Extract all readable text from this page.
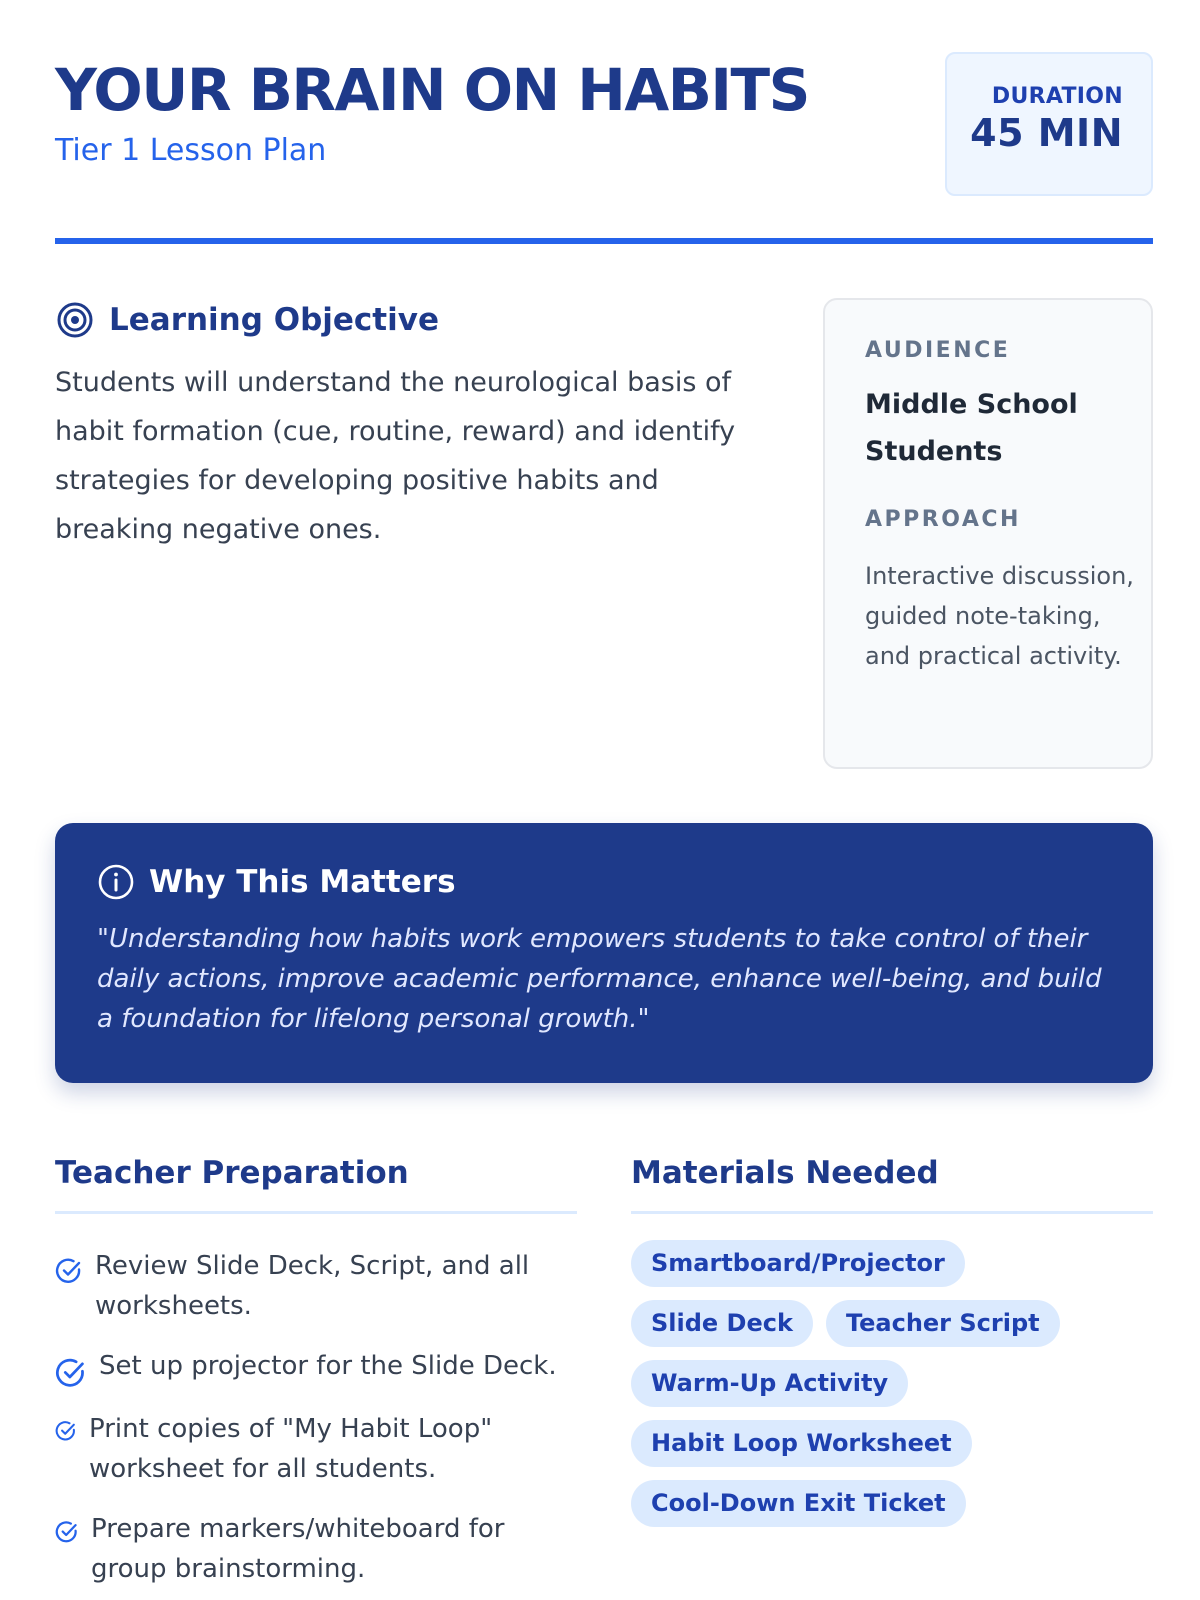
YOUR BRAIN ON HABITS
Tier 1 Lesson Plan
DURATION
45 MIN
Learning Objective

Students will understand the neurological basis of habit formation (cue, routine, reward) and identify strategies for developing positive habits and breaking negative ones.

AUDIENCE
Middle School Students
APPROACH
Interactive discussion, guided note-taking, and practical activity.
Why This Matters

"Understanding how habits work empowers students to take control of their daily actions, improve academic performance, enhance well-being, and build a foundation for lifelong personal growth."

Teacher Preparation
Review Slide Deck, Script, and all worksheets.
Set up projector for the Slide Deck.
Print copies of "My Habit Loop" worksheet for all students.
Prepare markers/whiteboard for group brainstorming.
Materials Needed
Smartboard/Projector
Slide Deck	Teacher Script
Warm-Up Activity
Habit Loop Worksheet
Cool-Down Exit Ticket
